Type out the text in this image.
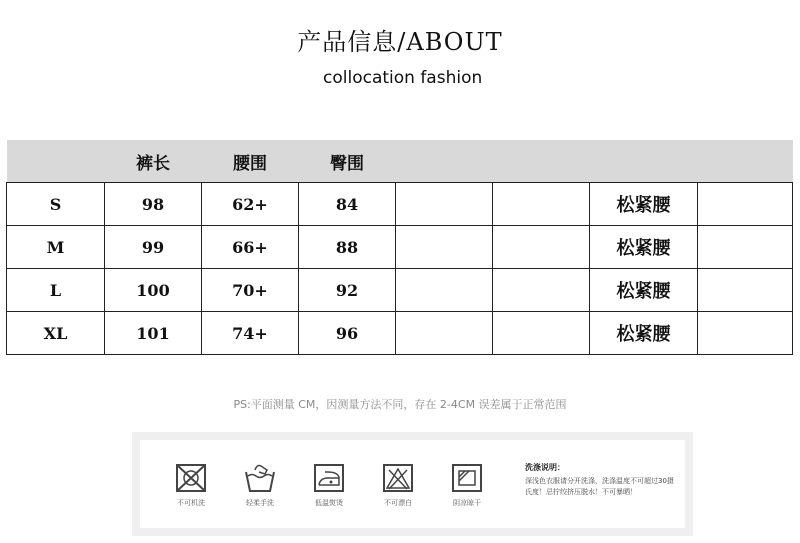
产品信息/ABOUT
collocation fashion
	裤长	腰围	臀围				
S	98	62+	84			松紧腰	
M	99	66+	88			松紧腰	
L	100	70+	92			松紧腰	
XL	101	74+	96			松紧腰	
PS:平面测量 CM，因测量方法不同，存在 2-4CM 误差属于正常范围
不可机洗	轻柔手洗	低温熨烫	不可漂白	阴凉晾干
洗涤说明：
深浅色衣服请分开洗涤，洗涤温度不可超过30摄氏度！忌拧绞挤压脱水！不可暴晒！
